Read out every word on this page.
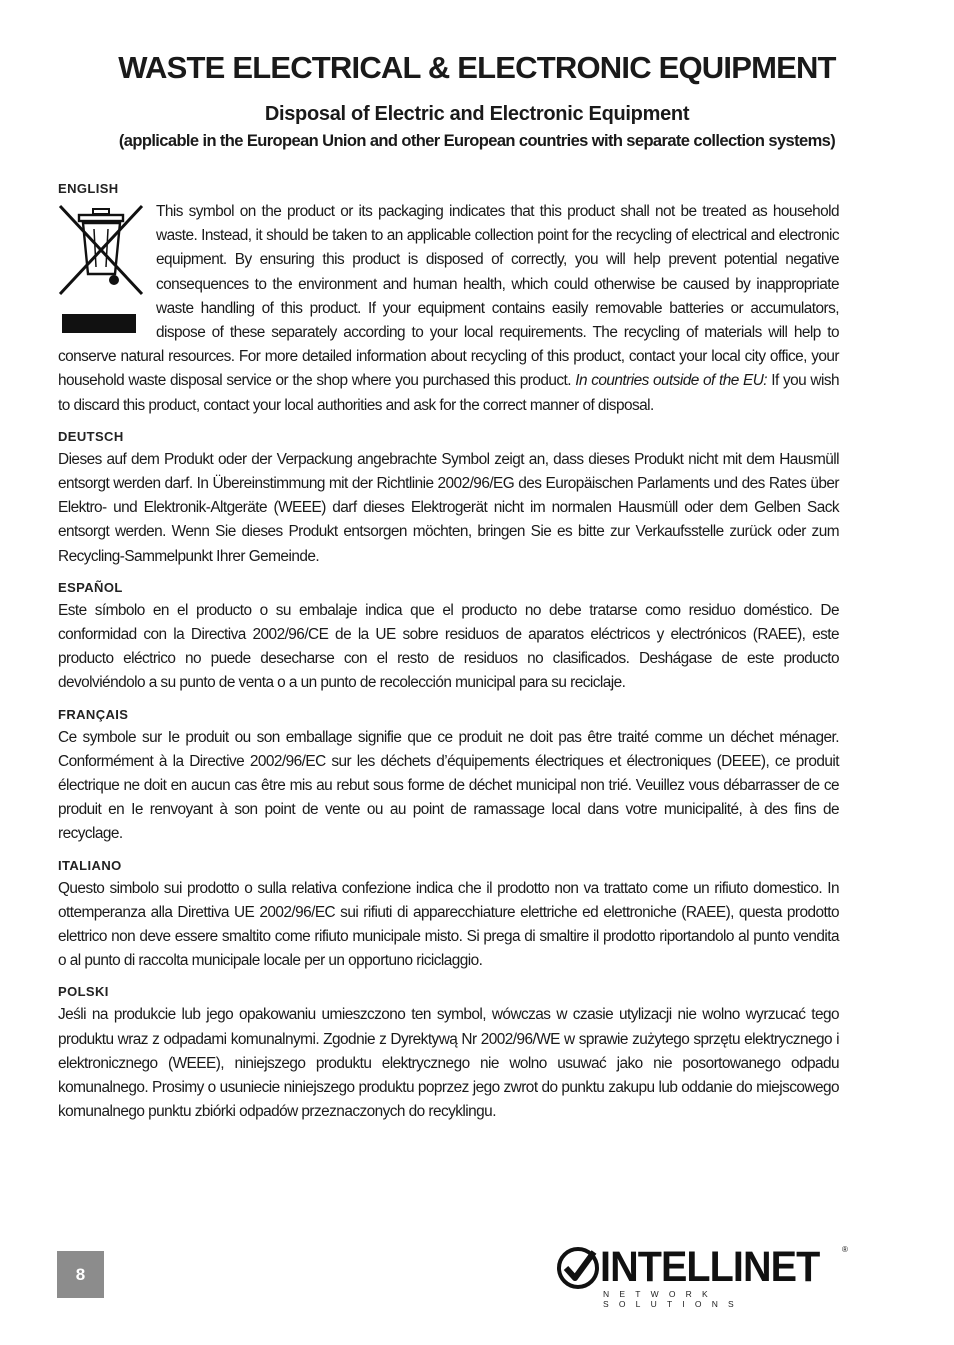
WASTE ELECTRICAL & ELECTRONIC EQUIPMENT
Disposal of Electric and Electronic Equipment
(applicable in the European Union and other European countries with separate collection systems)
ENGLISH

This symbol on the product or its packaging indicates that this product shall not be treated as household waste. Instead, it should be taken to an applicable collection point for the recycling of electrical and electronic equipment. By ensuring this product is disposed of correctly, you will help prevent potential negative consequences to the environment and human health, which could otherwise be caused by inappropriate waste handling of this product. If your equipment contains easily removable batteries or accumulators, dispose of these separately according to your local requirements. The recycling of materials will help to conserve natural resources. For more detailed information about recycling of this product, contact your local city office, your household waste disposal service or the shop where you purchased this product. In countries outside of the EU: If you wish to discard this product, contact your local authorities and ask for the correct manner of disposal.

DEUTSCH

Dieses auf dem Produkt oder der Verpackung angebrachte Symbol zeigt an, dass dieses Produkt nicht mit dem Hausmüll entsorgt werden darf. In Übereinstimmung mit der Richtlinie 2002/96/EG des Europäischen Parlaments und des Rates über Elektro- und Elektronik-Altgeräte (WEEE) darf dieses Elektrogerät nicht im normalen Hausmüll oder dem Gelben Sack entsorgt werden. Wenn Sie dieses Produkt entsorgen möchten, bringen Sie es bitte zur Verkaufsstelle zurück oder zum Recycling-Sammelpunkt Ihrer Gemeinde.

ESPAÑOL

Este símbolo en el producto o su embalaje indica que el producto no debe tratarse como residuo doméstico. De conformidad con la Directiva 2002/96/CE de la UE sobre residuos de aparatos eléctricos y electrónicos (RAEE), este producto eléctrico no puede desecharse con el resto de residuos no clasificados. Deshágase de este producto devolviéndolo a su punto de venta o a un punto de recolección municipal para su reciclaje.

FRANÇAIS

Ce symbole sur Ie produit ou son emballage signifie que ce produit ne doit pas être traité comme un déchet ménager. Conformément à la Directive 2002/96/EC sur les déchets d’équipements électriques et électroniques (DEEE), ce produit électrique ne doit en aucun cas être mis au rebut sous forme de déchet municipal non trié. Veuillez vous débarrasser de ce produit en Ie renvoyant à son point de vente ou au point de ramassage local dans votre municipalité, à des fins de recyclage.

ITALIANO

Questo simbolo sui prodotto o sulla relativa confezione indica che il prodotto non va trattato come un rifiuto domestico. In ottemperanza alla Direttiva UE 2002/96/EC sui rifiuti di apparecchiature elettriche ed elettroniche (RAEE), questa prodotto elettrico non deve essere smaltito come rifiuto municipale misto. Si prega di smaltire il prodotto riportandolo al punto vendita o al punto di raccolta municipale locale per un opportuno riciclaggio.

POLSKI

Jeśli na produkcie lub jego opakowaniu umieszczono ten symbol, wówczas w czasie utylizacji nie wolno wyrzucać tego produktu wraz z odpadami komunalnymi. Zgodnie z Dyrektywą Nr 2002/96/WE w sprawie zużytego sprzętu elektrycznego i elektronicznego (WEEE), niniejszego produktu elektrycznego nie wolno usuwać jako nie posortowanego odpadu komunalnego. Prosimy o usuniecie niniejszego produktu poprzez jego zwrot do punktu zakupu lub oddanie do miejscowego komunalnego punktu zbiórki odpadów przeznaczonych do recyklingu.

8	INTELLINET	®
NETWORK SOLUTIONS
